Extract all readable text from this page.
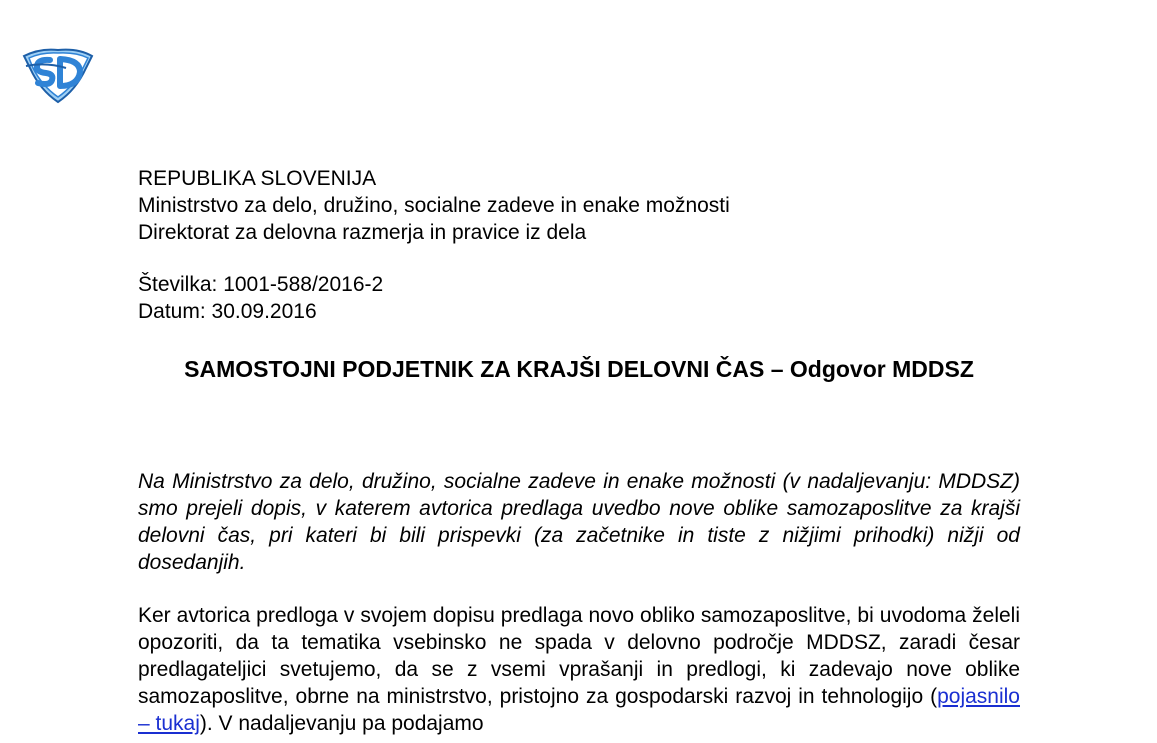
REPUBLIKA SLOVENIJA
Ministrstvo za delo, družino, socialne zadeve in enake možnosti
Direktorat za delovna razmerja in pravice iz dela
Številka: 1001-588/2016-2
Datum: 30.09.2016
SAMOSTOJNI PODJETNIK ZA KRAJŠI DELOVNI ČAS – Odgovor MDDSZ

Na Ministrstvo za delo, družino, socialne zadeve in enake možnosti (v nadaljevanju: MDDSZ) smo prejeli dopis, v katerem avtorica predlaga uvedbo nove oblike samozaposlitve za krajši delovni čas, pri kateri bi bili prispevki (za začetnike in tiste z nižjimi prihodki) nižji od dosedanjih.

Ker avtorica predloga v svojem dopisu predlaga novo obliko samozaposlitve, bi uvodoma želeli opozoriti, da ta tematika vsebinsko ne spada v delovno področje MDDSZ, zaradi česar predlagateljici svetujemo, da se z vsemi vprašanji in predlogi, ki zadevajo nove oblike samozaposlitve, obrne na ministrstvo, pristojno za gospodarski razvoj in tehnologijo (pojasnilo – tukaj). V nadaljevanju pa podajamo
